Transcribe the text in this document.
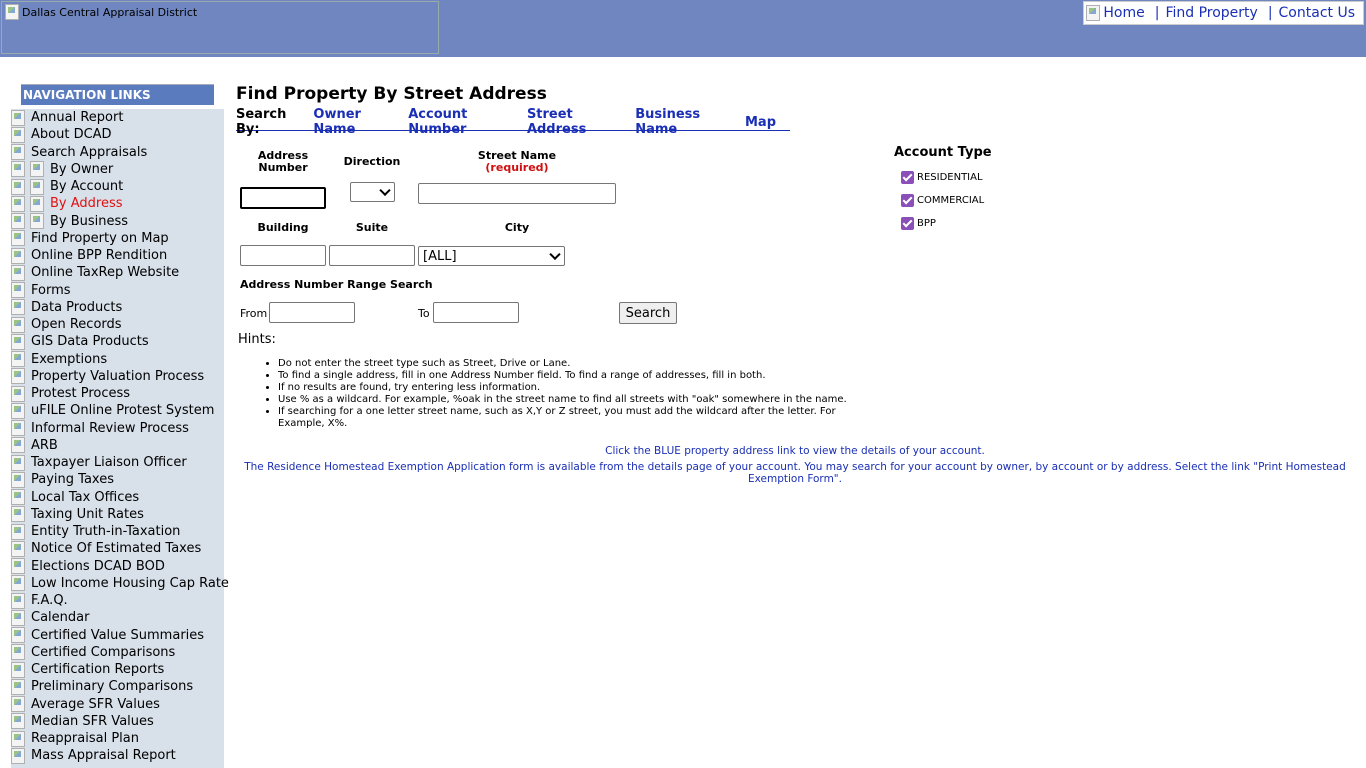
Dallas Central Appraisal District	Home | Find Property | Contact Us
NAVIGATION LINKS
Annual Report
About DCAD
Search Appraisals
By Owner
By Account
By Address
By Business
Find Property on Map
Online BPP Rendition
Online TaxRep Website
Forms
Data Products
Open Records
GIS Data Products
Exemptions
Property Valuation Process
Protest Process
uFILE Online Protest System
Informal Review Process
ARB
Taxpayer Liaison Officer
Paying Taxes
Local Tax Offices
Taxing Unit Rates
Entity Truth-in-Taxation
Notice Of Estimated Taxes
Elections DCAD BOD
Low Income Housing Cap Rate
F.A.Q.
Calendar
Certified Value Summaries
Certified Comparisons
Certification Reports
Preliminary Comparisons
Average SFR Values
Median SFR Values
Reappraisal Plan
Mass Appraisal Report
Find Property By Street Address
Search By:
Owner Name
Account Number
Street Address
Business Name	Map
Address
Number	Direction	Street Name
(required)
Building	Suite	City
[ALL]
Address Number Range Search
From	To	Search
Account Type
RESIDENTIAL
COMMERCIAL
BPP
Hints:
• Do not enter the street type such as Street, Drive or Lane.
• To find a single address, fill in one Address Number field. To find a range of addresses, fill in both.
• If no results are found, try entering less information.
• Use % as a wildcard. For example, %oak in the street name to find all streets with "oak" somewhere in the name.
• If searching for a one letter street name, such as X,Y or Z street, you must add the wildcard after the letter. For Example, X%.
Click the BLUE property address link to view the details of your account.
The Residence Homestead Exemption Application form is available from the details page of your account. You may search for your account by owner, by account or by address. Select the link "Print Homestead Exemption Form".
